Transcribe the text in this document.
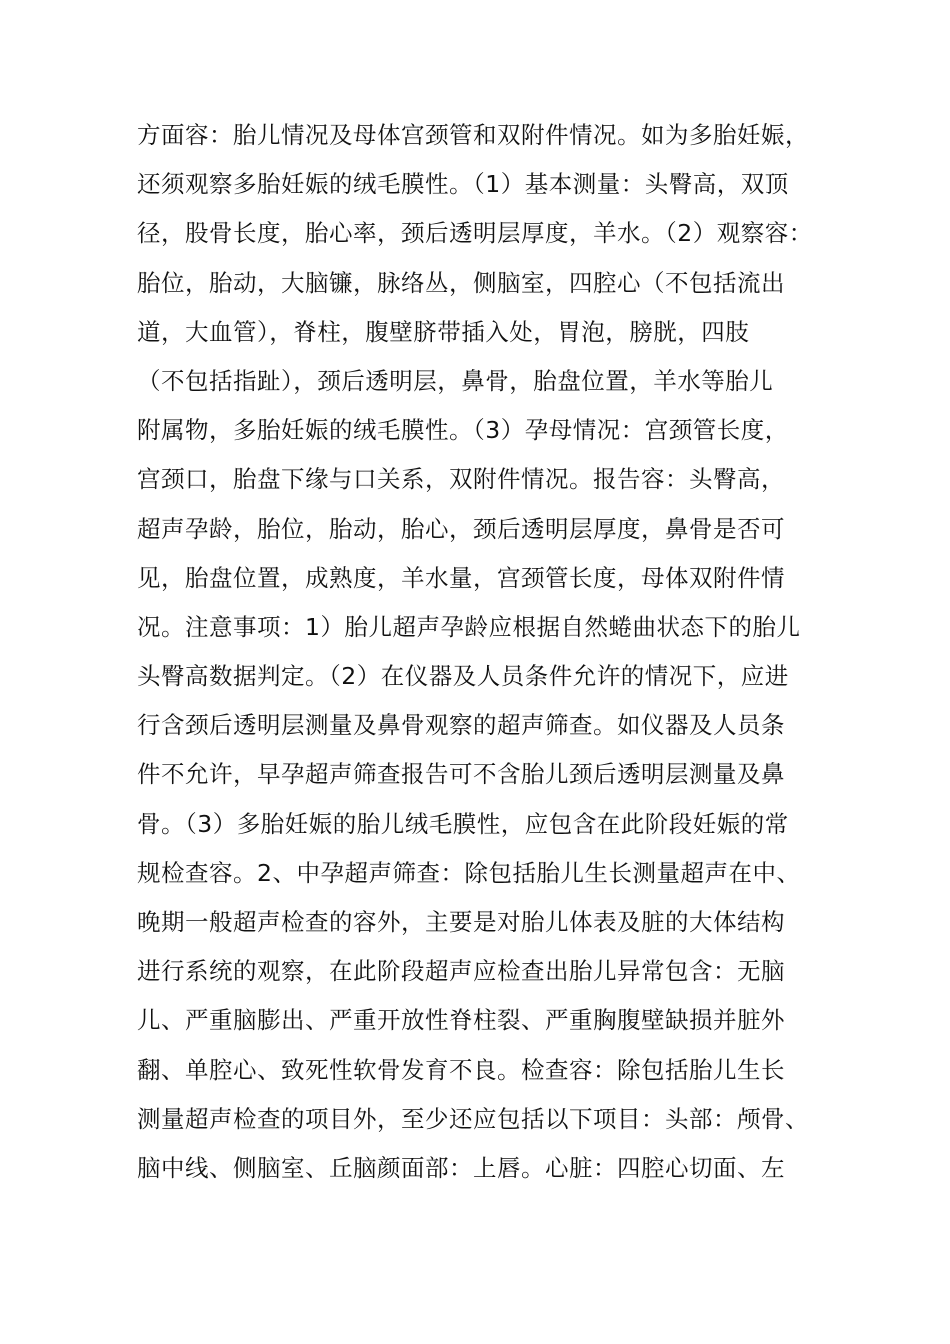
方面容：胎儿情况及母体宫颈管和双附件情况。如为多胎妊娠，
还须观察多胎妊娠的绒毛膜性。（1）基本测量：头臀高，双顶
径，股骨长度，胎心率，颈后透明层厚度，羊水。（2）观察容：
胎位，胎动，大脑镰，脉络丛，侧脑室，四腔心（不包括流出
道，大血管），脊柱，腹壁脐带插入处，胃泡，膀胱，四肢
（不包括指趾），颈后透明层，鼻骨，胎盘位置，羊水等胎儿
附属物，多胎妊娠的绒毛膜性。（3）孕母情况：宫颈管长度，
宫颈口，胎盘下缘与口关系，双附件情况。报告容：头臀高，
超声孕龄，胎位，胎动，胎心，颈后透明层厚度，鼻骨是否可
见，胎盘位置，成熟度，羊水量，宫颈管长度，母体双附件情
况。注意事项：1）胎儿超声孕龄应根据自然蜷曲状态下的胎儿
头臀高数据判定。（2）在仪器及人员条件允许的情况下，应进
行含颈后透明层测量及鼻骨观察的超声筛查。如仪器及人员条
件不允许，早孕超声筛查报告可不含胎儿颈后透明层测量及鼻
骨。（3）多胎妊娠的胎儿绒毛膜性，应包含在此阶段妊娠的常
规检查容。2、中孕超声筛查：除包括胎儿生长测量超声在中、
晚期一般超声检查的容外，主要是对胎儿体表及脏的大体结构
进行系统的观察，在此阶段超声应检查出胎儿异常包含：无脑
儿、严重脑膨出、严重开放性脊柱裂、严重胸腹壁缺损并脏外
翻、单腔心、致死性软骨发育不良。检查容：除包括胎儿生长
测量超声检查的项目外，至少还应包括以下项目：头部：颅骨、
脑中线、侧脑室、丘脑颜面部：上唇。心脏：四腔心切面、左
